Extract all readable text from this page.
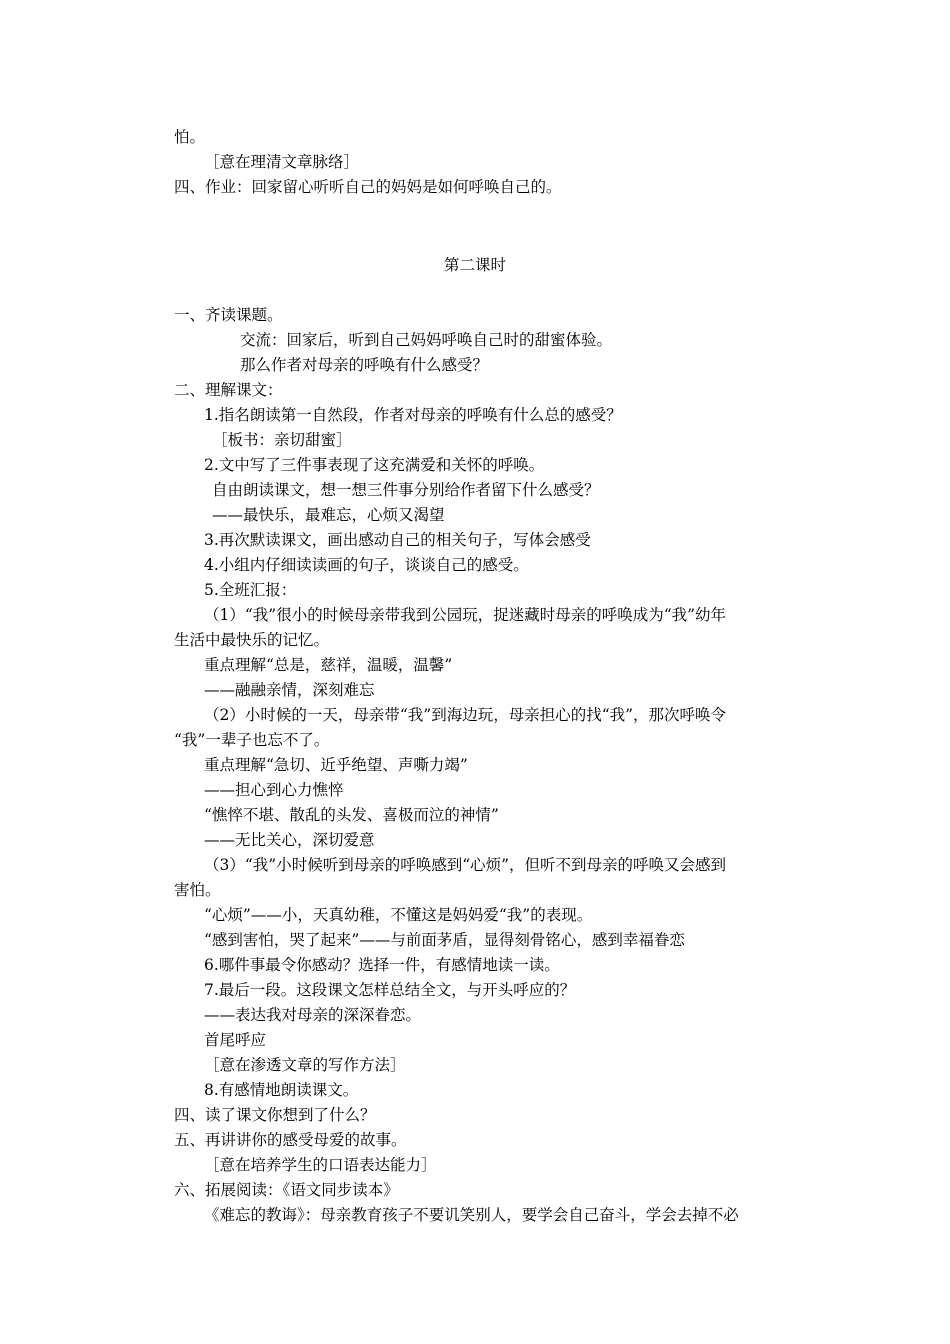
怕。
［意在理清文章脉络］
四、作业：回家留心听听自己的妈妈是如何呼唤自己的。
第二课时
一、齐读课题。
交流：回家后，听到自己妈妈呼唤自己时的甜蜜体验。
那么作者对母亲的呼唤有什么感受？
二、理解课文：
1.指名朗读第一自然段，作者对母亲的呼唤有什么总的感受？
［板书：亲切甜蜜］
2.文中写了三件事表现了这充满爱和关怀的呼唤。
自由朗读课文，想一想三件事分别给作者留下什么感受？
——最快乐，最难忘，心烦又渴望
3.再次默读课文，画出感动自己的相关句子，写体会感受
4.小组内仔细读读画的句子，谈谈自己的感受。
5.全班汇报：
（1）“我”很小的时候母亲带我到公园玩，捉迷藏时母亲的呼唤成为“我”幼年
生活中最快乐的记忆。
重点理解“总是，慈祥，温暖，温馨”
——融融亲情，深刻难忘
（2）小时候的一天，母亲带“我”到海边玩，母亲担心的找“我”，那次呼唤令
“我”一辈子也忘不了。
重点理解“急切、近乎绝望、声嘶力竭”
——担心到心力憔悴
“憔悴不堪、散乱的头发、喜极而泣的神情”
——无比关心，深切爱意
（3）“我”小时候听到母亲的呼唤感到“心烦”，但听不到母亲的呼唤又会感到
害怕。
“心烦”——小，天真幼稚，不懂这是妈妈爱“我”的表现。
“感到害怕，哭了起来”——与前面茅盾，显得刻骨铭心，感到幸福眷恋
6.哪件事最令你感动？选择一件，有感情地读一读。
7.最后一段。这段课文怎样总结全文，与开头呼应的？
——表达我对母亲的深深眷恋。
首尾呼应
［意在渗透文章的写作方法］
8.有感情地朗读课文。
四、读了课文你想到了什么？
五、再讲讲你的感受母爱的故事。
［意在培养学生的口语表达能力］
六、拓展阅读：《语文同步读本》
《难忘的教诲》：母亲教育孩子不要讥笑别人，要学会自己奋斗，学会去掉不必
